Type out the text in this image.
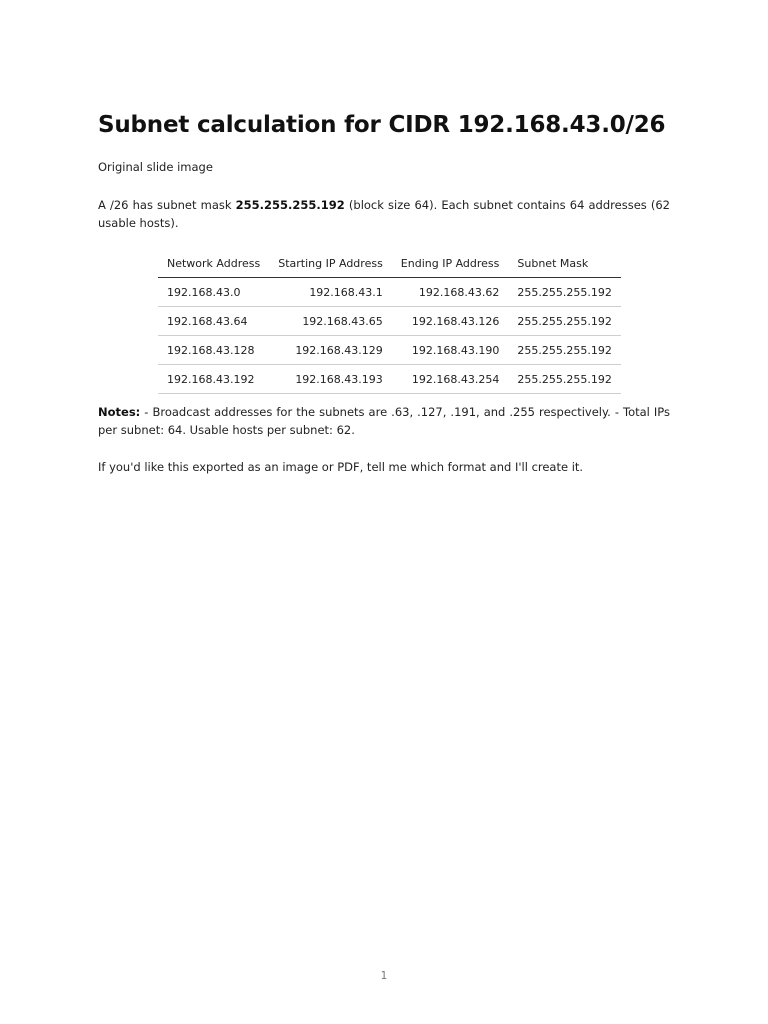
Subnet calculation for CIDR 192.168.43.0/26

Original slide image

A /26 has subnet mask 255.255.255.192 (block size 64). Each subnet contains 64 addresses (62 usable hosts).

Network Address	Starting IP Address	Ending IP Address	Subnet Mask
192.168.43.0	192.168.43.1	192.168.43.62	255.255.255.192
192.168.43.64	192.168.43.65	192.168.43.126	255.255.255.192
192.168.43.128	192.168.43.129	192.168.43.190	255.255.255.192
192.168.43.192	192.168.43.193	192.168.43.254	255.255.255.192

Notes: - Broadcast addresses for the subnets are .63, .127, .191, and .255 respectively. - Total IPs per subnet: 64. Usable hosts per subnet: 62.

If you'd like this exported as an image or PDF, tell me which format and I'll create it.

1
